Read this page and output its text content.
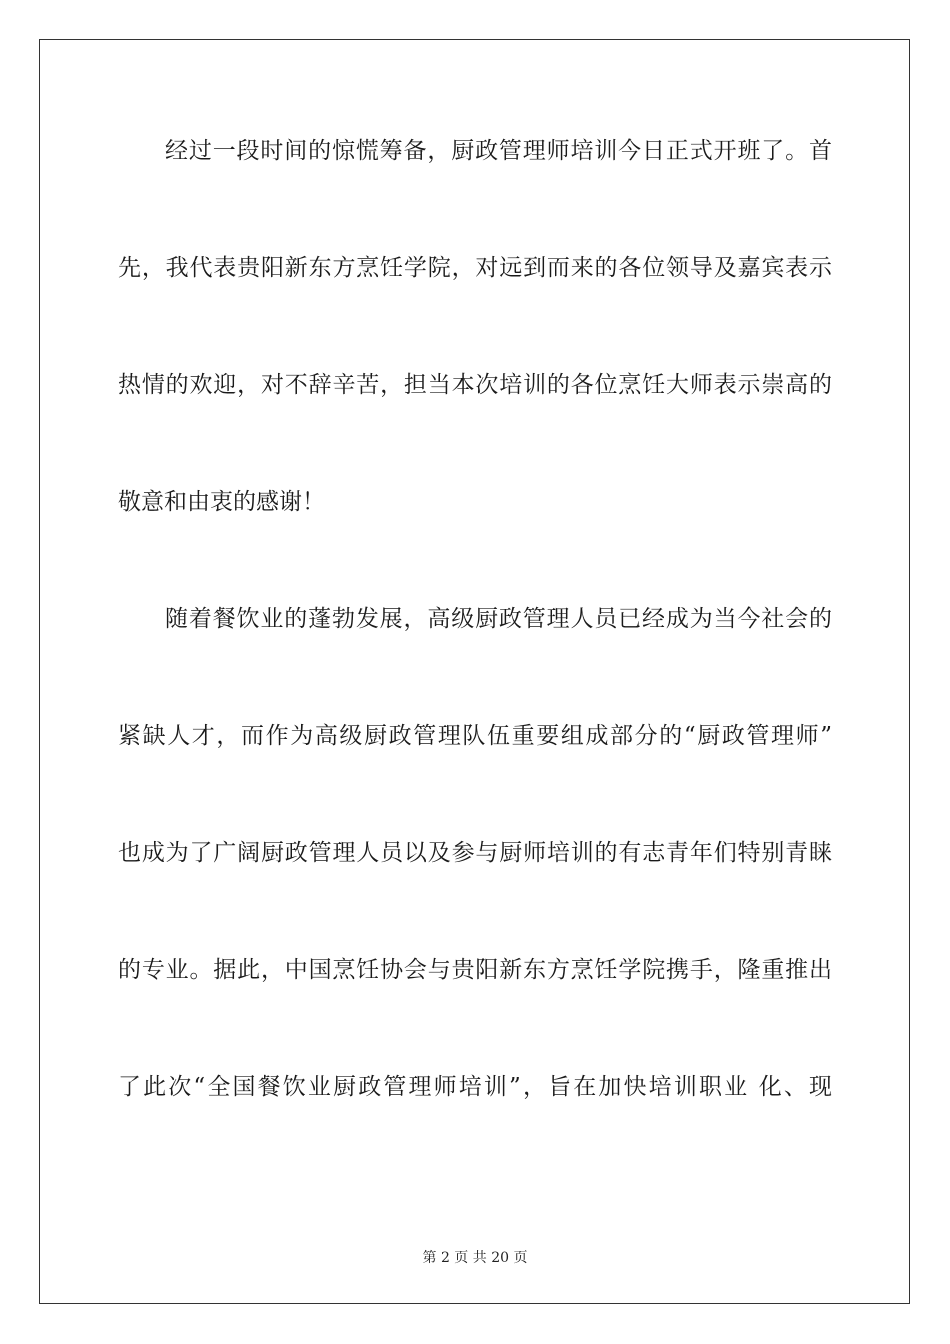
经过一段时间的惊慌筹备，厨政管理师培训今日正式开班了。首
先，我代表贵阳新东方烹饪学院，对远到而来的各位领导及嘉宾表示
热情的欢迎，对不辞辛苦，担当本次培训的各位烹饪大师表示崇高的
敬意和由衷的感谢！
随着餐饮业的蓬勃发展，高级厨政管理人员已经成为当今社会的
紧缺人才，而作为高级厨政管理队伍重要组成部分的“厨政管理师”
也成为了广阔厨政管理人员以及参与厨师培训的有志青年们特别青睐
的专业。据此，中国烹饪协会与贵阳新东方烹饪学院携手，隆重推出
了此次“全国餐饮业厨政管理师培训”，旨在加快培训职业 化、现
第 2 页 共 20 页
